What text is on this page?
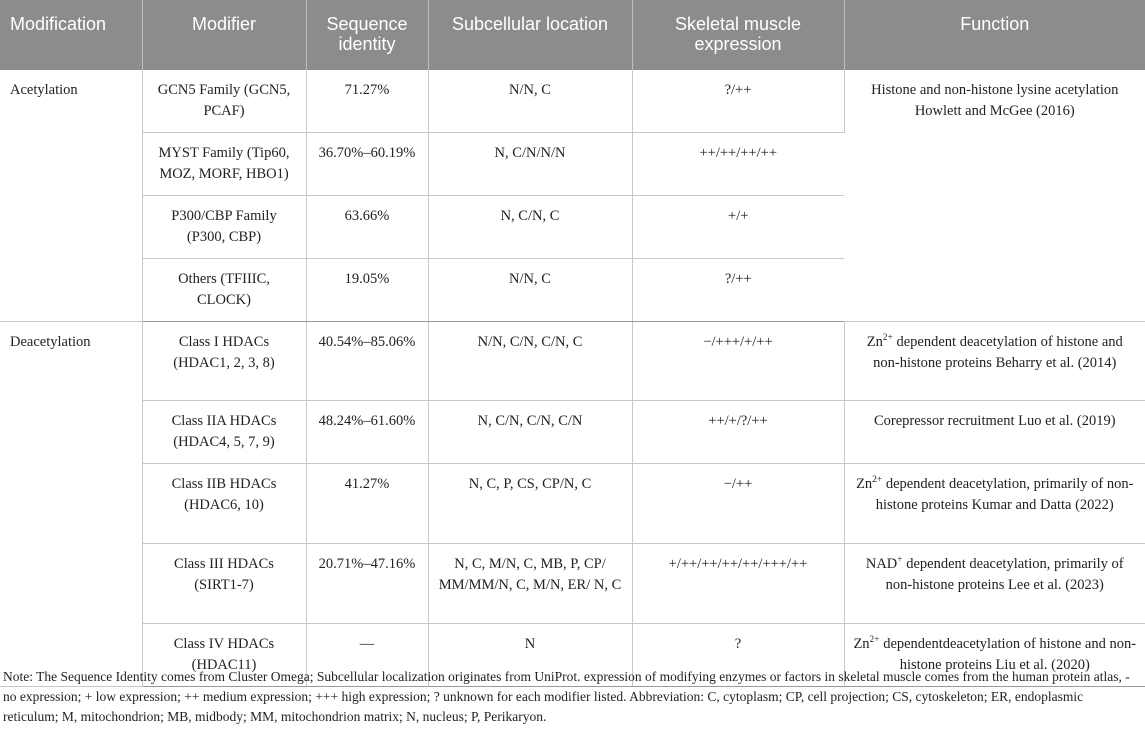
Modification	Modifier	Sequence identity	Subcellular location	Skeletal muscle expression	Function
Acetylation	GCN5 Family (GCN5, PCAF)	71.27%	N/N, C	?/++	Histone and non-histone lysine acetylation Howlett and McGee (2016)
	MYST Family (Tip60, MOZ, MORF, HBO1)	36.70%–60.19%	N, C/N/N/N	++/++/++/++	
	P300/CBP Family (P300, CBP)	63.66%	N, C/N, C	+/+	
	Others (TFIIIC, CLOCK)	19.05%	N/N, C	?/++	
Deacetylation	Class I HDACs (HDAC1, 2, 3, 8)	40.54%–85.06%	N/N, C/N, C/N, C	−/+++/+/++	$Zn^{2+}$ dependent deacetylation of histone and non-histone proteins Beharry et al. (2014)
	Class IIA HDACs (HDAC4, 5, 7, 9)	48.24%–61.60%	N, C/N, C/N, C/N	++/+/?/++	Corepressor recruitment Luo et al. (2019)
	Class IIB HDACs (HDAC6, 10)	41.27%	N, C, P, CS, CP/N, C	−/++	$Zn^{2+}$ dependent deacetylation, primarily of non-histone proteins Kumar and Datta (2022)
	Class III HDACs (SIRT1-7)	20.71%–47.16%	N, C, M/N, C, MB, P, CP/ MM/MM/N, C, M/N, ER/ N, C	+/++/++/++/++/+++/++	NAD+ dependent deacetylation, primarily of non-histone proteins Lee et al. (2023)
	Class IV HDACs (HDAC11)	—	N	?	$Zn^{2+}$ dependentdeacetylation of histone and non-histone proteins Liu et al. (2020)

Note: The Sequence Identity comes from Cluster Omega; Subcellular localization originates from UniProt. expression of modifying enzymes or factors in skeletal muscle comes from the human protein atlas, - no expression; + low expression; ++ medium expression; +++ high expression; ? unknown for each modifier listed. Abbreviation: C, cytoplasm; CP, cell projection; CS, cytoskeleton; ER, endoplasmic reticulum; M, mitochondrion; MB, midbody; MM, mitochondrion matrix; N, nucleus; P, Perikaryon.
